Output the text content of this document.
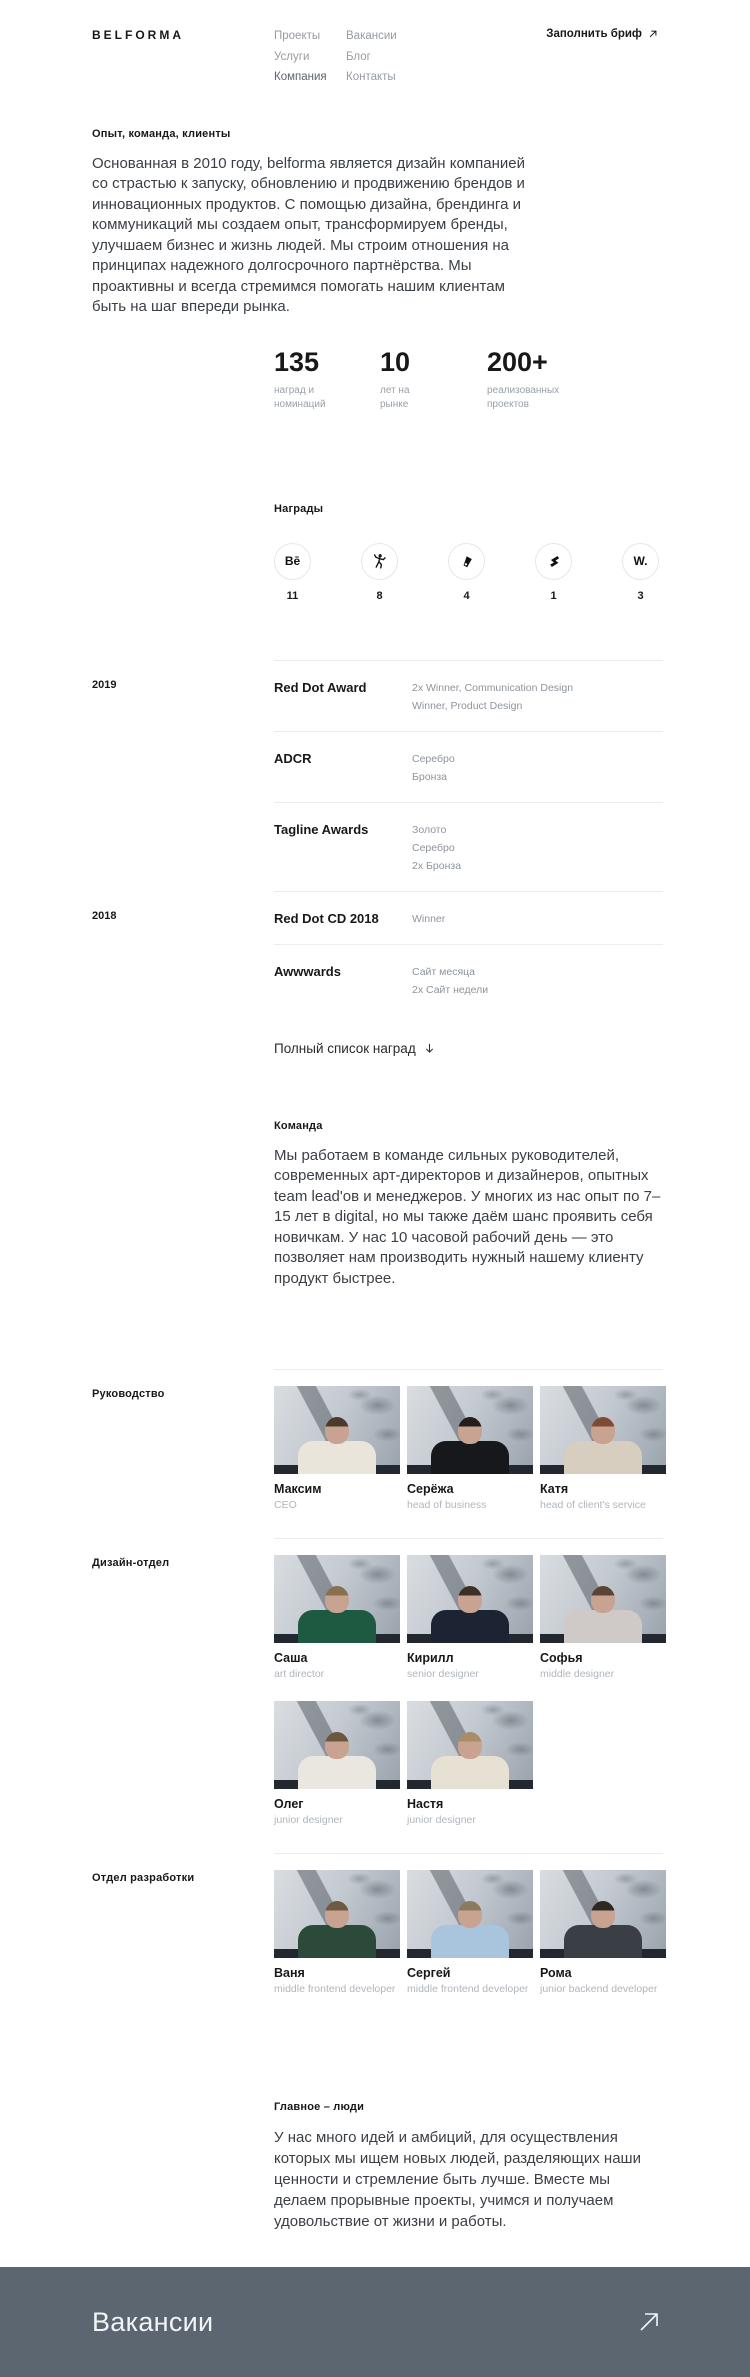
BELFORMA	Проекты
Услуги
Компания
Вакансии
Блог
Контакты
Заполнить бриф
Опыт, команда, клиенты
Основанная в 2010 году, belforma является дизайн компанией со страстью к запуску, обновлению и продвижению брендов и инновационных продуктов. С помощью дизайна, брендинга и коммуникаций мы создаем опыт, трансформируем бренды, улучшаем бизнес и жизнь людей. Мы строим отношения на принципах надежного долгосрочного партнёрства. Мы проактивны и всегда стремимся помогать нашим клиентам быть на шаг впереди рынка.
135
наград и номинаций
10
лет на рынке
200+
реализованных проектов
Награды
Bē
11	8	4	1
W.
3
2019	Red Dot Award	2x Winner, Communication Design
Winner, Product Design
ADCR	Серебро
Бронза
Tagline Awards	Золото
Серебро
2x Бронза
2018	Red Dot CD 2018	Winner
Awwwards	Сайт месяца
2x Сайт недели
Полный список наград
Команда
Мы работаем в команде сильных руководителей, современных арт-директоров и дизайнеров, опытных team lead'ов и менеджеров. У многих из нас опыт по 7–15 лет в digital, но мы также даём шанс проявить себя новичкам. У нас 10 часовой рабочий день — это позволяет нам производить нужный нашему клиенту продукт быстрее.
Руководство
Максим
CEO
Серёжа
head of business
Катя
head of client's service
Дизайн-отдел
Саша
art director
Кирилл
senior designer
Софья
middle designer
Олег
junior designer
Настя
junior designer
Отдел разработки
Ваня
middle frontend developer
Сергей
middle frontend developer
Рома
junior backend developer
Главное – люди
У нас много идей и амбиций, для осуществления которых мы ищем новых людей, разделяющих наши ценности и стремление быть лучше. Вместе мы делаем прорывные проекты, учимся и получаем удовольствие от жизни и работы.
Вакансии
